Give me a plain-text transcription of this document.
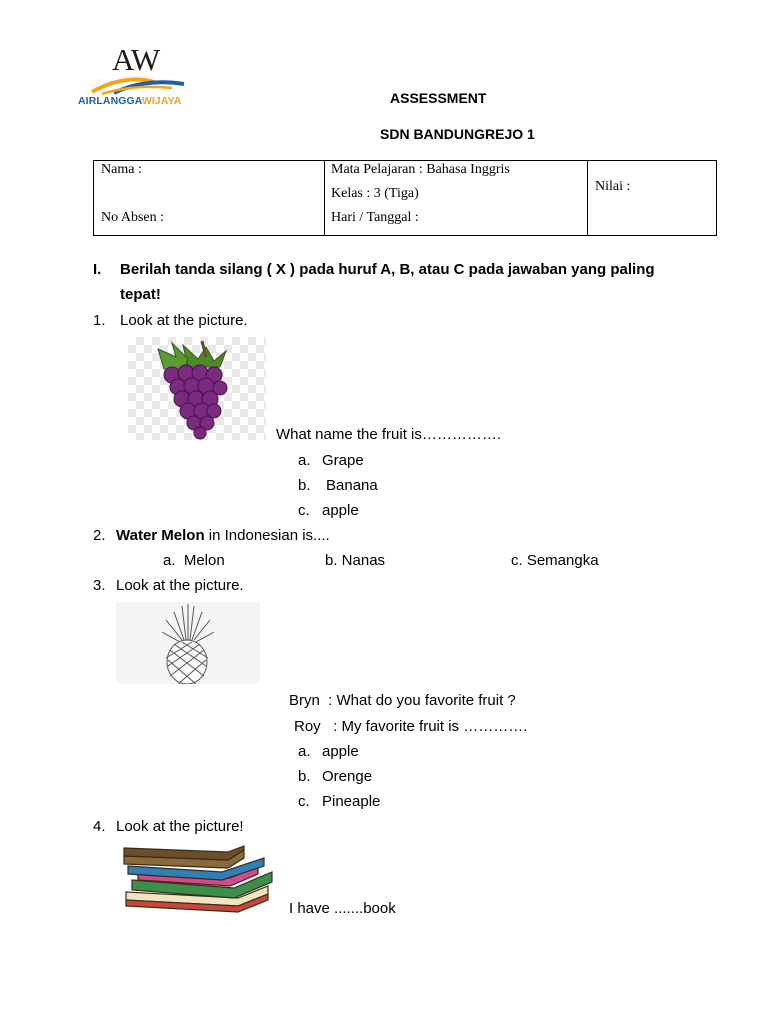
AW
AIRLANGGAWIJAYA	ASSESSMENT
SDN BANDUNGREJO 1
Nama :
No Absen :
Mata Pelajaran : Bahasa Inggris
Kelas : 3 (Tiga)
Hari / Tanggal :
Nilai :
I. Berilah tanda silang ( X ) pada huruf A, B, atau C pada jawaban yang paling
tepat!
1. Look at the picture.
What name the fruit is…………….
a. Grape
b. Banana
c. apple
2. Water Melon in Indonesian is....
a.  Melon	b. Nanas	c. Semangka
3. Look at the picture.
Bryn  : What do you favorite fruit ?
Roy   : My favorite fruit is ………….
a. apple
b. Orenge
c. Pineaple
4. Look at the picture!
I have .......book
